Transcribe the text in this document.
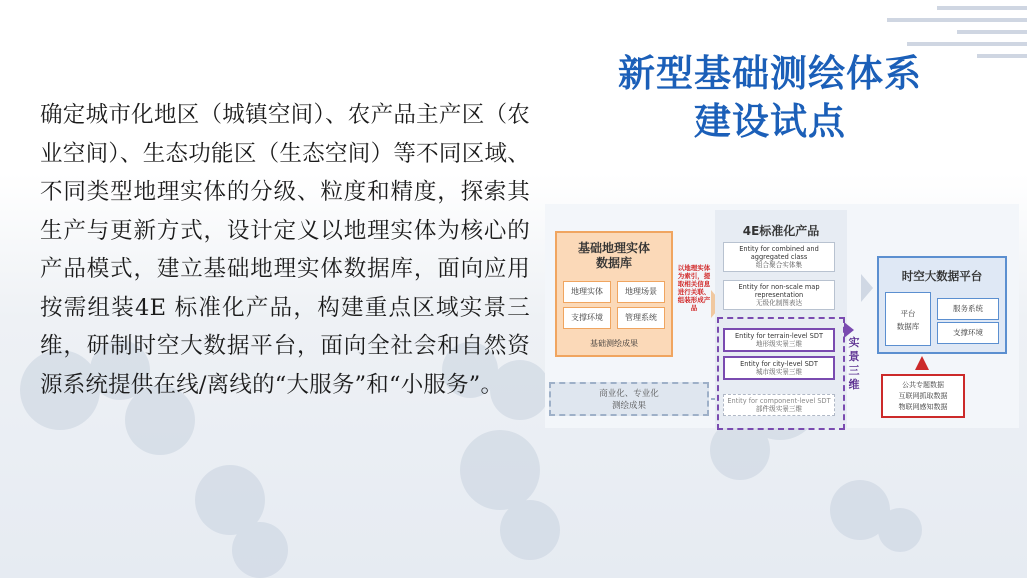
新型基础测绘体系
建设试点
确定城市化地区（城镇空间）、农产品主产区（农业空间）、生态功能区（生态空间）等不同区域、不同类型地理实体的分级、粒度和精度，探索其生产与更新方式，设计定义以地理实体为核心的产品模式，建立基础地理实体数据库，面向应用按需组装4E 标准化产品，构建重点区域实景三维，研制时空大数据平台，面向全社会和自然资源系统提供在线/离线的“大服务”和“小服务”。
基础地理实体
数据库
地理实体	地理场景
支撑环境	管理系统
基础测绘成果
以地理实体为索引，提取相关信息进行关联、组装形成产品
商业化、专业化
测绘成果
4E标准化产品
Entity for combined and aggregated class
组合聚合实体集
Entity for non-scale map representation
无级化制图表达
Entity for terrain-level SDT
地形级实景三维
Entity for city-level SDT
城市级实景三维
Entity for component-level SDT
部件级实景三维
实景三维
时空大数据平台
平台
数据库
服务系统
支撑环境
公共专题数据
互联网抓取数据
物联网感知数据
